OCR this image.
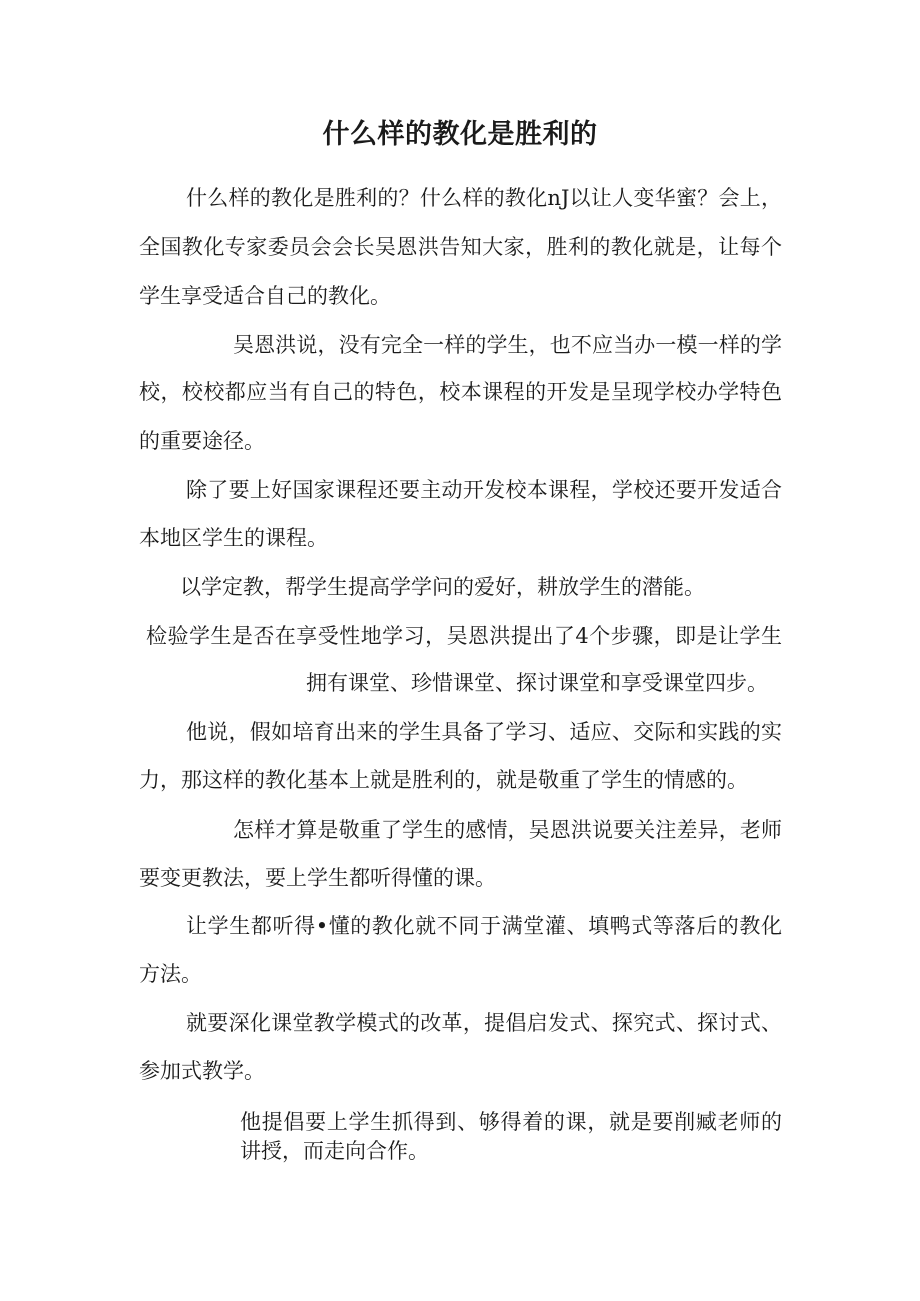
什么样的教化是胜利的

什么样的教化是胜利的？什么样的教化nJ以让人变华蜜？会上，

全国教化专家委员会会长吴恩洪告知大家，胜利的教化就是，让每个

学生享受适合自己的教化。

吴恩洪说，没有完全一样的学生，也不应当办一模一样的学

校，校校都应当有自己的特色，校本课程的开发是呈现学校办学特色

的重要途径。

除了要上好国家课程还要主动开发校本课程，学校还要开发适合

本地区学生的课程。

以学定教，帮学生提高学学问的爱好，耕放学生的潜能。

检验学生是否在享受性地学习，吴恩洪提出了4个步骤，即是让学生

拥有课堂、珍惜课堂、探讨课堂和享受课堂四步。

他说，假如培育出来的学生具备了学习、适应、交际和实践的实

力，那这样的教化基本上就是胜利的，就是敬重了学生的情感的。

怎样才算是敬重了学生的感情，吴恩洪说要关注差异，老师

要变更教法，要上学生都听得懂的课。

让学生都听得•懂的教化就不同于满堂灌、填鸭式等落后的教化

方法。

就要深化课堂教学模式的改革，提倡启发式、探究式、探讨式、

参加式教学。

他提倡要上学生抓得到、够得着的课，就是要削臧老师的

讲授，而走向合作。
